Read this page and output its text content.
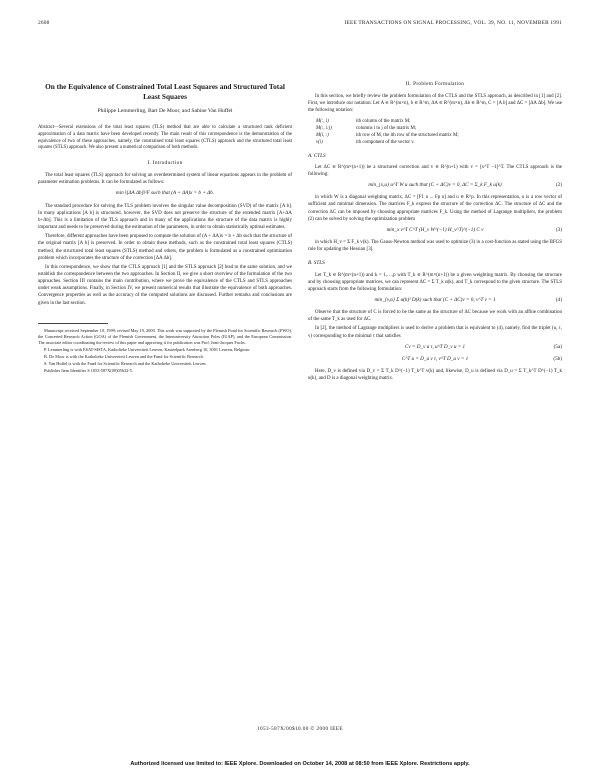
2608	IEEE TRANSACTIONS ON SIGNAL PROCESSING, VOL. 39, NO. 11, NOVEMBER 1991
On the Equivalence of Constrained Total Least Squares and Structured Total Least Squares
Philippe Lemmerling, Bart De Moor, and Sabine Van Huffel
Abstract—Several extensions of the total least squares (TLS) method that are able to calculate a structured rank deficient approximation of a data matrix have been developed recently. The main result of this correspondence is the demonstration of the equivalence of two of these approaches, namely, the constrained total least squares (CTLS) approach and the structured total least squares (STLS) approach. We also present a numerical comparison of both methods.
I. Introduction

The total least squares (TLS) approach for solving an overdetermined system of linear equations appears in the problem of parameter estimation problems. It can be formulated as follows:

min ‖[ΔA Δb]‖²F such that (A + ΔA)x = b + Δb.

The standard procedure for solving the TLS problem involves the singular value decomposition (SVD) of the matrix [A b]. In many applications [A b] is structured, however, the SVD does not preserve the structure of the extended matrix [A+ΔA b+Δb]. This is a limitation of the TLS approach and in many of the applications the structure of the data matrix is highly important and needs to be preserved during the estimation of the parameters, in order to obtain statistically optimal estimates.

Therefore, different approaches have been proposed to compute the solution of (A + ΔA)x = b + Δb such that the structure of the original matrix [A b] is preserved. In order to obtain these methods, such as the constrained total least squares (CTLS) method, the structured total least squares (STLS) method and others, the problem is formulated as a constrained optimization problem which incorporates the structure of the correction [ΔA Δb].

In this correspondence, we show that the CTLS approach [1] and the STLS approach [2] lead to the same solution, and we establish the correspondence between the two approaches. In Section II, we give a short overview of the formulation of the two approaches. Section III contains the main contribution, where we prove the equivalence of the CTLS and STLS approaches under weak assumptions. Finally, in Section IV, we present numerical results that illustrate the equivalence of both approaches. Convergence properties as well as the accuracy of the computed solutions are discussed. Further remarks and conclusions are given in the last section.

Manuscript received September 10, 1999; revised May 19, 2000. This work was supported by the Flemish Fund for Scientific Research (FWO), the Concerted Research Action (GOA) of the Flemish Government, the Interuniversity Attraction Poles (IUAP), and the European Commission. The associate editor coordinating the review of this paper and approving it for publication was Prof. Jean-Jacques Fuchs.
P. Lemmerling is with ESAT-SISTA, Katholieke Universiteit Leuven, Kasteelpark Arenberg 10, 3001 Leuven, Belgium.
B. De Moor is with the Katholieke Universiteit Leuven and the Fund for Scientific Research.
S. Van Huffel is with the Fund for Scientific Research and the Katholieke Universiteit Leuven.
Publisher Item Identifier S 1053-587X(00)05632-5.
II. Problem Formulation

In this section, we briefly review the problem formulation of the CTLS and the STLS approach, as described in [1] and [2]. First, we introduce our notation. Let A ∈ R^(m×n), b ∈ R^m, ΔA ∈ R^(m×n), Δb ∈ R^m, C = [A b] and ΔC = [ΔA Δb]. We use the following notation:

M(:, i)	ith column of the matrix M;
M(:, i:j)	columns i to j of the matrix M;
M(i, :)	ith row of M, the ith row of the structured matrix M;
v(i)	ith component of the vector v.
A. CTLS

Let ΔC ∈ R^(m×(n+1)) be a structured correction and v ∈ R^(n+1) with v = [x^T −1]^T. The CTLS approach is the following:

min_{x,u} u^T W u such that (C + ΔC)v = 0, ΔC = Σ_k F_k u(k)	(2)

in which W is a diagonal weighting matrix, ΔC = [F1 u ... Fp u] and u ∈ R^p. In this representation, u is a row vector of sufficient and minimal dimension. The matrices F_k express the structure of the correction ΔC. The structure of ΔC and the correction ΔC can be imposed by choosing appropriate matrices F_k. Using the method of Lagrange multipliers, the problem (2) can be solved by solving the optimization problem

min_x v^T C^T (H_v W^(−1) H_v^T)^(−1) C v	(3)

in which H_v = Σ F_k v(k). The Gauss-Newton method was used to optimize (3) in a cost-function as stated using the BFGS rule for updating the Hessian [3].

B. STLS

Let T_k ∈ R^(m×(n+1)) and k = 1,…,p with T_k ∈ R^(m×(n+1)) be a given weighting matrix. By choosing the structure and by choosing appropriate matrices, we can represent ΔC = Σ T_k α(k), and T_k correspond to the given structure. The STLS approach starts from the following formulation:

min_{v,α} Σ α(k)² D(k) such that (C + ΔC)v = 0, v^T v = 1	(4)

Observe that the structure of C is forced to be the same as the structure of ΔC because we work with an affine combination of the same T_k as used for ΔC.

In [2], the method of Lagrange multipliers is used to derive a problem that is equivalent to (4), namely, find the triplet (u, τ, v) corresponding to the minimal τ that satisfies

Cv = D_v u τ, u^T D_v u = 1	(5a)
C^T u = D_u v τ, v^T D_u v = 1	(5b)

Here, D_v is defined via D_v = Σ T_k D^(−1) T_k^T v(k) and, likewise, D_u is defined via D_u = Σ T_k^T D^(−1) T_k u(k), and D is a diagonal weighting matrix.

1053-587X/00$10.00 © 2000 IEEE
Authorized licensed use limited to: IEEE Xplore. Downloaded on October 14, 2008 at 08:50 from IEEE Xplore. Restrictions apply.
